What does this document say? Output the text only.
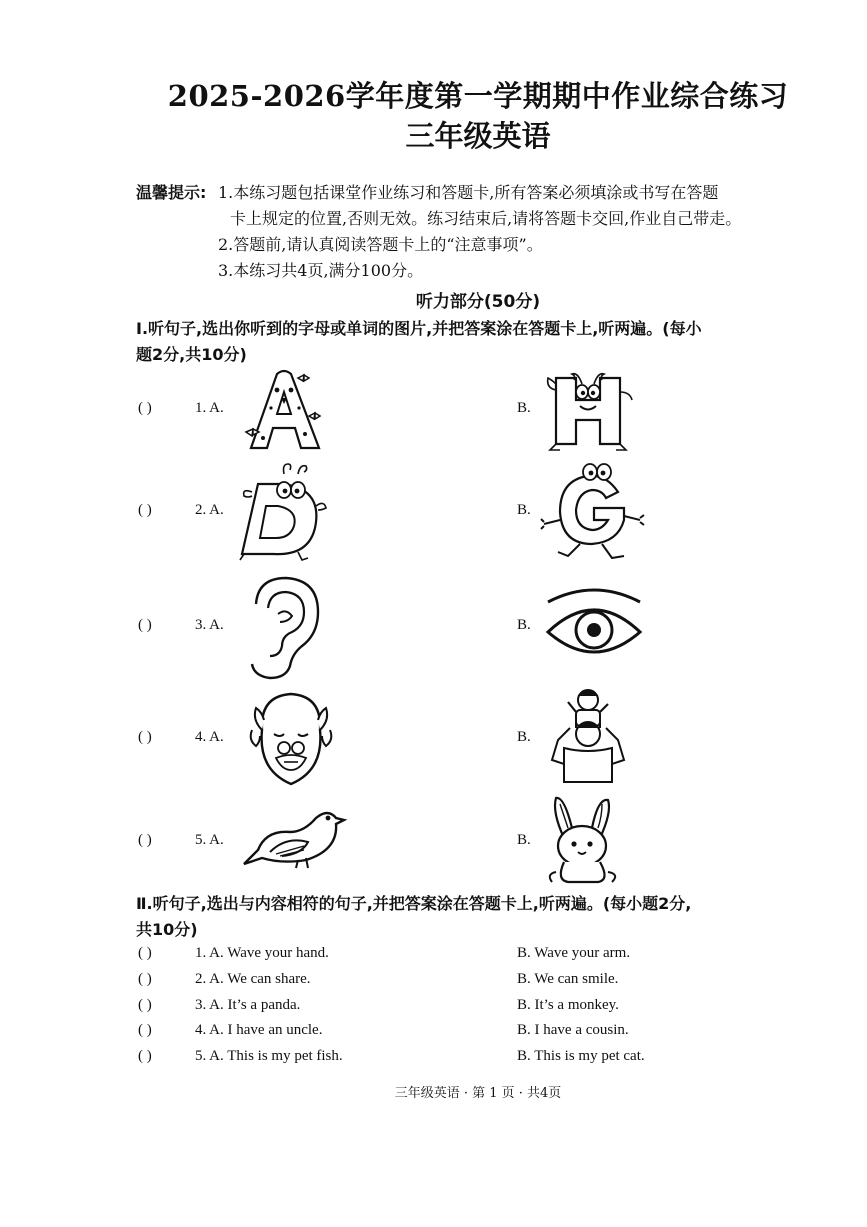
2025-2026学年度第一学期期中作业综合练习
三年级英语
温馨提示: 1.本练习题包括课堂作业练习和答题卡,所有答案必须填涂或书写在答题
卡上规定的位置,否则无效。练习结束后,请将答题卡交回,作业自己带走。
2.答题前,请认真阅读答题卡上的“注意事项”。
3.本练习共4页,满分100分。
听力部分(50分)
Ⅰ.听句子,选出你听到的字母或单词的图片,并把答案涂在答题卡上,听两遍。(每小
题2分,共10分)
( )	1. A.	B.
( )	2. A.	B.
( )	3. A.	B.
( )	4. A.	B.
( )	5. A.	B.
Ⅱ.听句子,选出与内容相符的句子,并把答案涂在答题卡上,听两遍。(每小题2分,
共10分)
( )	1. A. Wave your hand.	B. Wave your arm.
( )	2. A. We can share.	B. We can smile.
( )	3. A. It’s a panda.	B. It’s a monkey.
( )	4. A. I have an uncle.	B. I have a cousin.
( )	5. A. This is my pet fish.	B. This is my pet cat.
三年级英语 · 第 1 页 · 共4页
